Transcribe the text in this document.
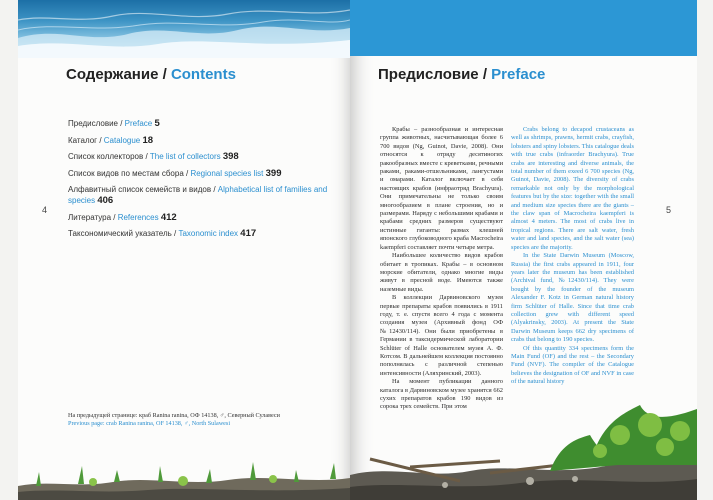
Содержание / Contents
Предисловие / Preface 5
Каталог / Catalogue 18
Список коллекторов / The list of collectors 398
Список видов по местам сбора / Regional species list 399
Алфавитный список семейств и видов / Alphabetical list of families and species 406
Литература / References 412
Таксономический указатель / Taxonomic index 417
4
На предыдущей странице: краб Ranina ranina, ОФ 14138, ♂, Северный Сулавеси
Previous page: crab Ranina ranina, OF 14138, ♂, North Sulawesi
Предисловие / Preface
5

Крабы – разнообразная и интересная группа животных, насчитывающая более 6 700 видов (Ng, Guinot, Davie, 2008). Они относятся к отряду десятиногих ракообразных вместе с креветками, речными раками, раками-отшельниками, лангустами и омарами. Каталог включает в себя настоящих крабов (инфраотряд Brachyura). Они примечательны не только своим многообразием в плане строения, но и размерами. Наряду с небольшими крабами и крабами средних размеров существуют истинные гиганты: размах клешней японского глубоководного краба Macrocheira kaempferi составляет почти четыре метра.

Наибольшее количество видов крабов обитает в тропиках. Крабы – в основном морские обитатели, однако многие виды живут в пресной воде. Имеются также наземные виды.

В коллекции Дарвиновского музея первые препараты крабов появились в 1911 году, т. е. спустя всего 4 года с момента создания музея (Архивный фонд ОФ №12430/114). Они были приобретены в Германии в таксидермической лаборатории Schlüter of Halle основателем музея А. Ф. Котсом. В дальнейшем коллекция постоянно пополнялась с различной степенью интенсивности (Аляхринский, 2003).

На момент публикации данного каталога в Дарвиновском музее хранятся 662 сухих препаратов крабов 190 видов из сорока трех семейств. При этом

Crabs belong to decapod crustaceans as well as shrimps, prawns, hermit crabs, crayfish, lobsters and spiny lobsters. This catalogue deals with true crabs (infraorder Brachyura). True crabs are interesting and diverse animals, the total number of them exeed 6 700 species (Ng, Guinot, Davie, 2008). The diversity of crabs remarkable not only by the morphological features but by the size: together with the small and medium size species there are the giants – the claw span of Macrocheira kaempferi is almost 4 meters. The most of crabs live in tropical regions. There are salt water, fresh water and land species, and the salt water (sea) species are the majority.

In the State Darwin Museum (Moscow, Russia) the first crabs appeared in 1911, four years later the museum has been established (Archival fund, №12430/114). They were bought by the founder of the museum Alexander F. Kotz in German natural history firm Schlüter of Halle. Since that time crab collection grew with different speed (Alyakrinsky, 2003). At present the State Darwin Museum keeps 662 dry specimens of crabs that belong to 190 species.

Of this quantity 334 specimens form the Main Fund (OF) and the rest – the Secondary Fund (NVF). The compiler of the Catalogue believes the designation of OF and NVF in case of the natural history
